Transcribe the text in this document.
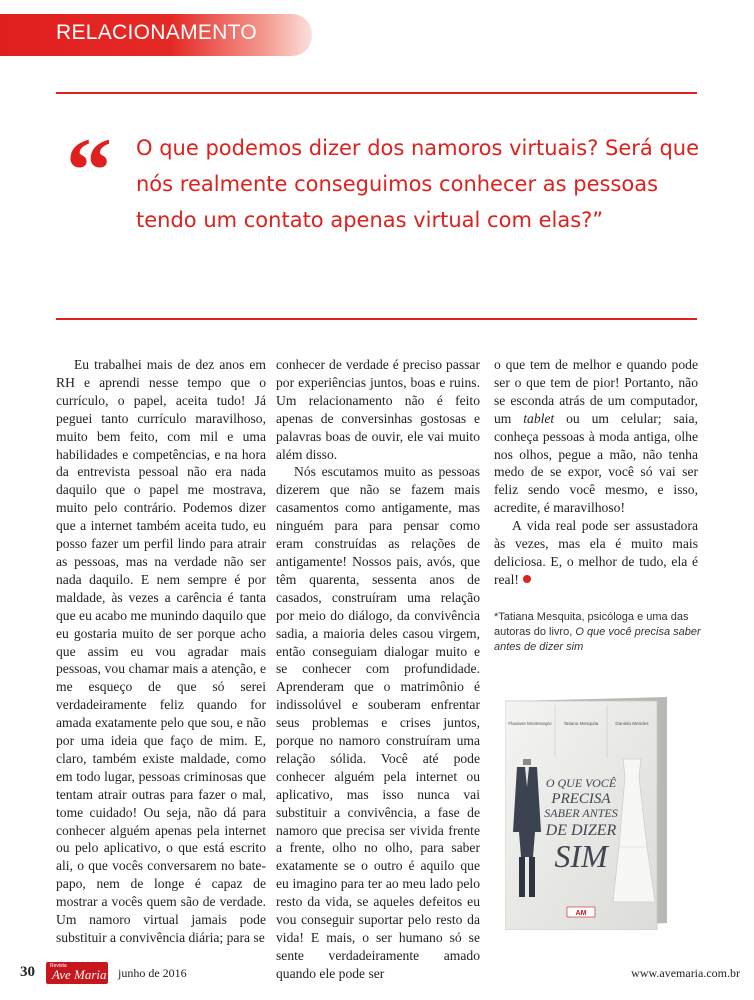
RELACIONAMENTO
“ O que podemos dizer dos namoros virtuais? Será que nós realmente conseguimos conhecer as pessoas tendo um contato apenas virtual com elas?”

Eu trabalhei mais de dez anos em RH e aprendi nesse tempo que o currículo, o papel, aceita tudo! Já peguei tanto currículo maravilhoso, muito bem feito, com mil e uma habilidades e competências, e na hora da entrevista pessoal não era nada daquilo que o papel me mostrava, muito pelo contrário. Podemos dizer que a internet também aceita tudo, eu posso fazer um perfil lindo para atrair as pessoas, mas na verdade não ser nada daquilo. E nem sempre é por maldade, às vezes a carência é tanta que eu acabo me munindo daquilo que eu gostaria muito de ser porque acho que assim eu vou agradar mais pessoas, vou chamar mais a atenção, e me esqueço de que só serei verdadeiramente feliz quando for amada exatamente pelo que sou, e não por uma ideia que faço de mim. E, claro, também existe maldade, como em todo lugar, pessoas criminosas que tentam atrair outras para fazer o mal, tome cuidado! Ou seja, não dá para conhecer alguém apenas pela internet ou pelo aplicativo, o que está escrito ali, o que vocês conversarem no bate-papo, nem de longe é capaz de mostrar a vocês quem são de verdade. Um namoro virtual jamais pode substituir a convivência diária; para se

conhecer de verdade é preciso passar por experiências juntos, boas e ruins. Um relacionamento não é feito apenas de conversinhas gostosas e palavras boas de ouvir, ele vai muito além disso.

Nós escutamos muito as pessoas dizerem que não se fazem mais casamentos como antigamente, mas ninguém para para pensar como eram construídas as relações de antigamente! Nossos pais, avós, que têm quarenta, sessenta anos de casados, construíram uma relação por meio do diálogo, da convivência sadia, a maioria deles casou virgem, então conseguiam dialogar muito e se conhecer com profundidade. Aprenderam que o matrimônio é indissolúvel e souberam enfrentar seus problemas e crises juntos, porque no namoro construíram uma relação sólida. Você até pode conhecer alguém pela internet ou aplicativo, mas isso nunca vai substituir a convivência, a fase de namoro que precisa ser vivida frente a frente, olho no olho, para saber exatamente se o outro é aquilo que eu imagino para ter ao meu lado pelo resto da vida, se aqueles defeitos eu vou conseguir suportar pelo resto da vida! E mais, o ser humano só se sente verdadeiramente amado quando ele pode ser

o que tem de melhor e quando pode ser o que tem de pior! Portanto, não se esconda atrás de um computador, um tablet ou um celular; saia, conheça pessoas à moda antiga, olhe nos olhos, pegue a mão, não tenha medo de se expor, você só vai ser feliz sendo você mesmo, e isso, acredite, é maravilhoso!

A vida real pode ser assustadora às vezes, mas ela é muito mais deliciosa. E, o melhor de tudo, ela é real!

*Tatiana Mesquita, psicóloga e uma das autoras do livro, O que você precisa saber antes de dizer sim
Flaviane Montenegro	Tatiana Mesquita	Daniela Mendes
O QUE VOCÊ
PRECISA
SABER ANTES
DE DIZER
SIM
AM
30	Revista
Ave Maria junho de 2016	www.avemaria.com.br
